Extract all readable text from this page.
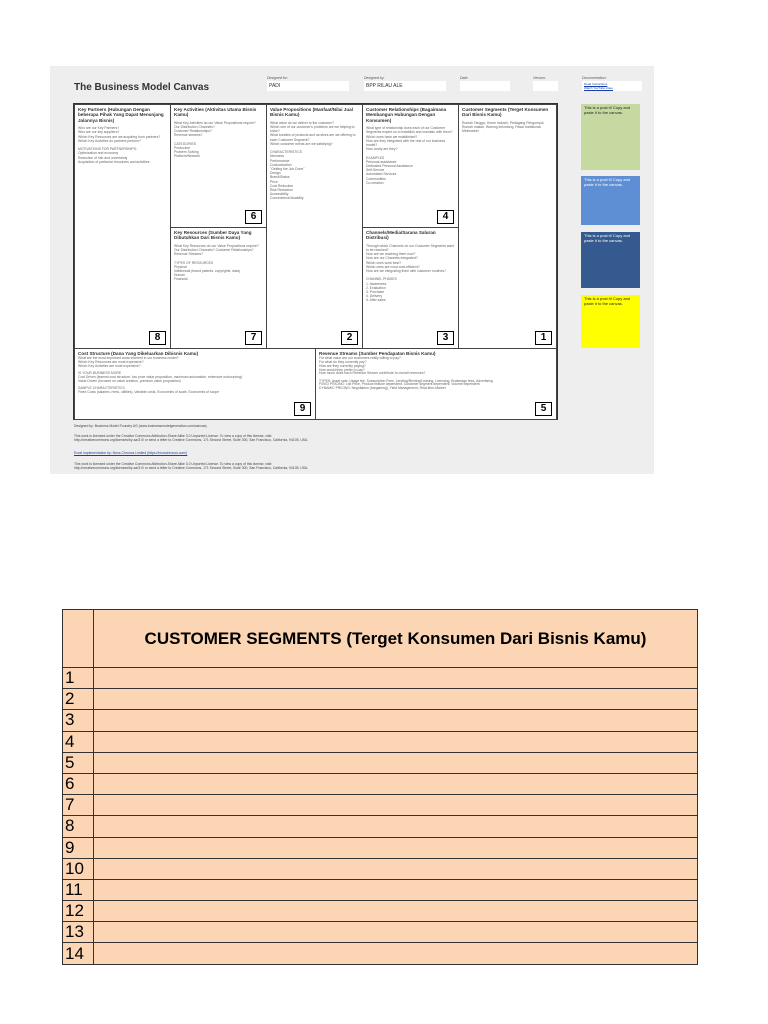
The Business Model Canvas
Designed for:
PADI
Designed by:
BPP RILAU ALE
Date:	Version:	Documentation:
Read Instructions
Watch YouTube video
Key Partners (Hubungan Dengan beberapa Pihak Yang Dapat Menunjang Jalannya Bisnis)
Who are our Key Partners?
Who are our key suppliers?
Which Key Resources are we acquiring from partners?
Which Key Activities do partners perform?

MOTIVATIONS FOR PARTNERSHIPS:
Optimization and economy
Reduction of risk and uncertainty
Acquisition of particular resources and activities
8
Key Activities (Aktivitas Utama Bisnis Kamu)
What Key Activities do our Value Propositions require?
Our Distribution Channels?
Customer Relationships?
Revenue streams?

CATEGORIES
Production
Problem Solving
Platform/Network
6
Key Resources (Sumber Daya Yang Dibutuhkan Dari Bisnis Kamu)
What Key Resources do our Value Propositions require?
Our Distribution Channels? Customer Relationships?
Revenue Streams?

TYPES OF RESOURCES
Physical
Intellectual (brand patents, copyrights, data)
Human
Financial
7
Value Propositions (Manfaat/Nilai Jual Bisnis Kamu)
What value do we deliver to the customer?
Which one of our customer's problems are we helping to solve?
What bundles of products and services are we offering to each Customer Segment?
Which customer needs are we satisfying?

CHARACTERISTICS
Newness
Performance
Customization
"Getting the Job Done"
Design
Brand/Status
Price
Cost Reduction
Risk Reduction
Accessibility
Convenience/Usability
2
Customer Relationships (Bagaimana Membangun Hubungan Dengan Konsumen)
What type of relationship does each of our Customer Segments expect us to establish and maintain with them?
Which ones have we established?
How are they integrated with the rest of our business model?
How costly are they?

EXAMPLES
Personal assistance
Dedicated Personal Assistance
Self-Service
Automated Services
Communities
Co-creation
4
Channels/Media/Sarana Saluran Distribusi)
Through which Channels do our Customer Segments want to be reached?
How are we reaching them now?
How are our Channels integrated?
Which ones work best?
Which ones are most cost-efficient?
How are we integrating them with customer routines?

CHANNEL PHASES
1. Awareness
2. Evaluation
3. Purchase
4. Delivery
5. After sales
3
Customer Segments (Terget Konsumen Dari Bisnis Kamu)
Rumah Tangga, Home Industri, Pedagang Pengumpul, Rumah makan, Warung kelontong, Pasar tradisional, Minimarket
1
Cost Structure (Dana Yang Dikeluarkan Dibisnis Kamu)
What are the most important costs inherent in our business model?
Which Key Resources are most expensive?
Which Key Activities are most expensive?

IS YOUR BUSINESS MORE
Cost Driven (leanest cost structure, low price value proposition, maximum automation, extensive outsourcing)
Value Driven (focused on value creation, premium value proposition)

SAMPLE CHARACTERISTICS
Fixed Costs (salaries, rents, utilities), Variable costs, Economies of scale, Economies of scope
9
Revenue Streams (Sumber Pendapatan Bisnis Kamu)
For what value are our customers really willing to pay?
For what do they currently pay?
How are they currently paying?
How would they prefer to pay?
How much does each Revenue Stream contribute to overall revenues?

TYPES: Asset sale, Usage fee, Subscription Fees, Lending/Renting/Leasing, Licensing, Brokerage fees, Advertising
FIXED PRICING: List Price, Product feature dependent, Customer segment dependent, Volume dependent
DYNAMIC PRICING: Negotiation (bargaining), Yield Management, Real-time-Market
5
This is a post it! Copy and paste it to the canvas.
This is a post it! Copy and paste it to the canvas.
This is a post it! Copy and paste it to the canvas.
This is a post it! Copy and paste it to the canvas.
Designed by: Business Model Foundry AG (www.businessmodelgeneration.com/canvas)
This work is licensed under the Creative Commons Attribution-Share Alike 3.0 Unported License. To view a copy of this license, visit:
http://creativecommons.org/licenses/by-sa/3.0/ or send a letter to Creative Commons, 171 Second Street, Suite 300, San Francisco, California, 94105, USA.
Excel implementation by: Neos Chronos Limited (https://neoschronos.com/)
This work is licensed under the Creative Commons Attribution-Share Alike 3.0 Unported License. To view a copy of this license, visit:
http://creativecommons.org/licenses/by-sa/3.0/ or send a letter to Creative Commons, 171 Second Street, Suite 300, San Francisco, California, 94105, USA.
	CUSTOMER SEGMENTS (Terget Konsumen Dari Bisnis Kamu)
1	
2	
3	
4	
5	
6	
7	
8	
9	
10	
11	
12	
13	
14	
